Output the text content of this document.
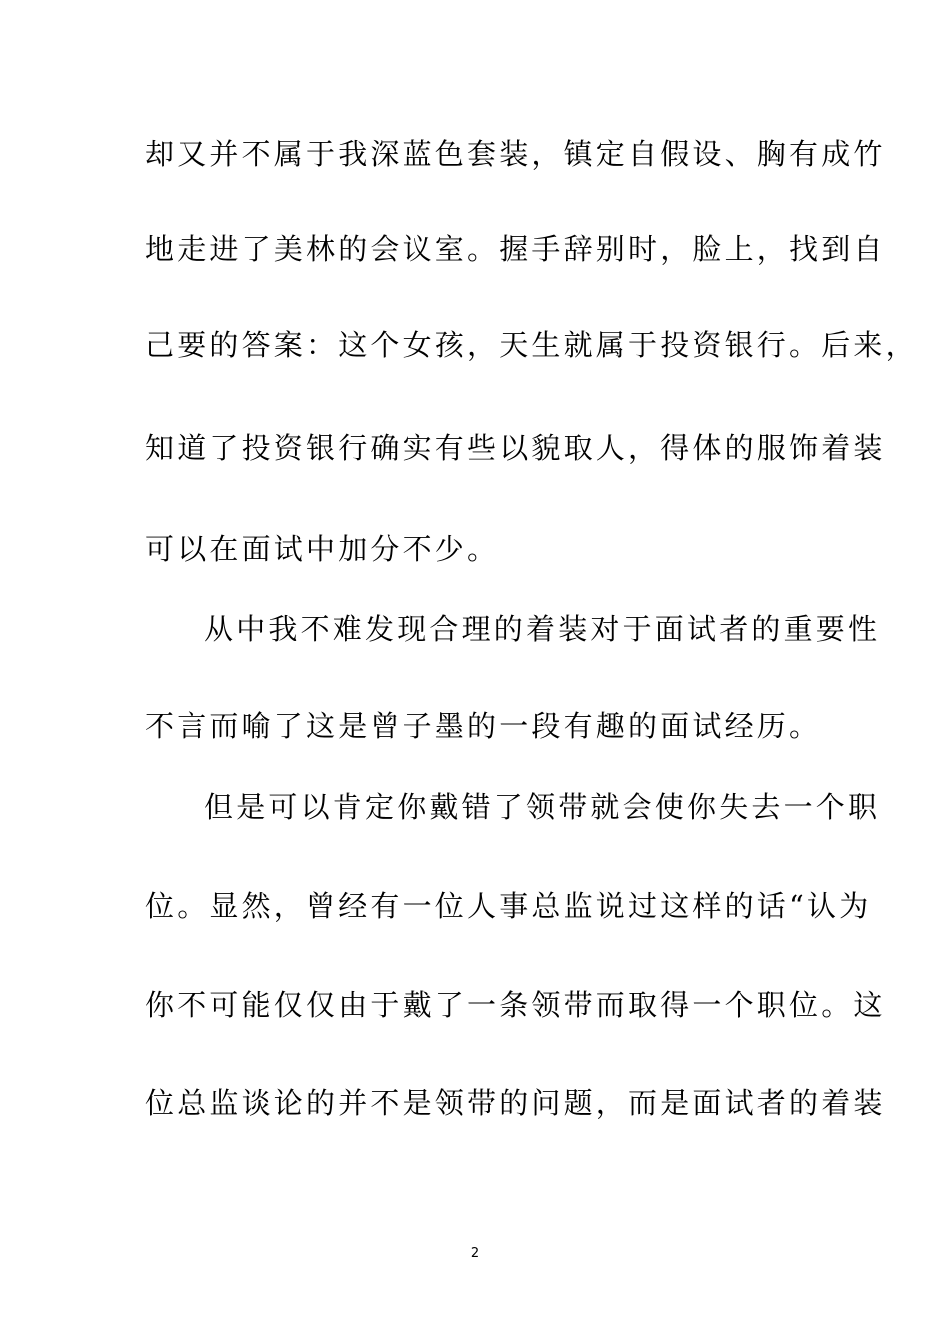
却又并不属于我深蓝色套装，镇定自假设、胸有成竹
地走进了美林的会议室。握手辞别时，脸上，找到自
己要的答案：这个女孩，天生就属于投资银行。后来，
知道了投资银行确实有些以貌取人，得体的服饰着装
可以在面试中加分不少。
从中我不难发现合理的着装对于面试者的重要性
不言而喻了这是曾子墨的一段有趣的面试经历。
但是可以肯定你戴错了领带就会使你失去一个职
位。显然，曾经有一位人事总监说过这样的话“认为
你不可能仅仅由于戴了一条领带而取得一个职位。这
位总监谈论的并不是领带的问题，而是面试者的着装
2
